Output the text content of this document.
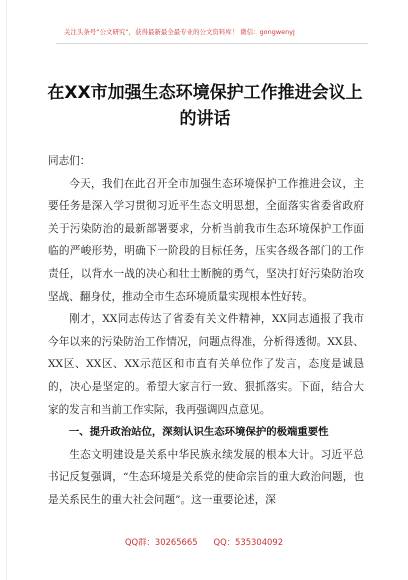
关注头条号“公文研究”，获得最新最全最专业的公文资料库！ 微信：gongwenyj
在XX市加强生态环境保护工作推进会议上的讲话

同志们：

今天，我们在此召开全市加强生态环境保护工作推进会议，主要任务是深入学习贯彻习近平生态文明思想，全面落实省委省政府关于污染防治的最新部署要求，分析当前我市生态环境保护工作面临的严峻形势，明确下一阶段的目标任务，压实各级各部门的工作责任，以背水一战的决心和壮士断腕的勇气，坚决打好污染防治攻坚战、翻身仗，推动全市生态环境质量实现根本性好转。

刚才，XX同志传达了省委有关文件精神，XX同志通报了我市今年以来的污染防治工作情况，问题点得准，分析得透彻。XX县、XX区、XX区、XX示范区和市直有关单位作了发言，态度是诚恳的，决心是坚定的。希望大家言行一致、狠抓落实。下面，结合大家的发言和当前工作实际，我再强调四点意见。

一、提升政治站位，深刻认识生态环境保护的极端重要性

生态文明建设是关系中华民族永续发展的根本大计。习近平总书记反复强调，“生态环境是关系党的使命宗旨的重大政治问题，也是关系民生的重大社会问题”。这一重要论述，深

QQ群：30265665      QQ：535304092
